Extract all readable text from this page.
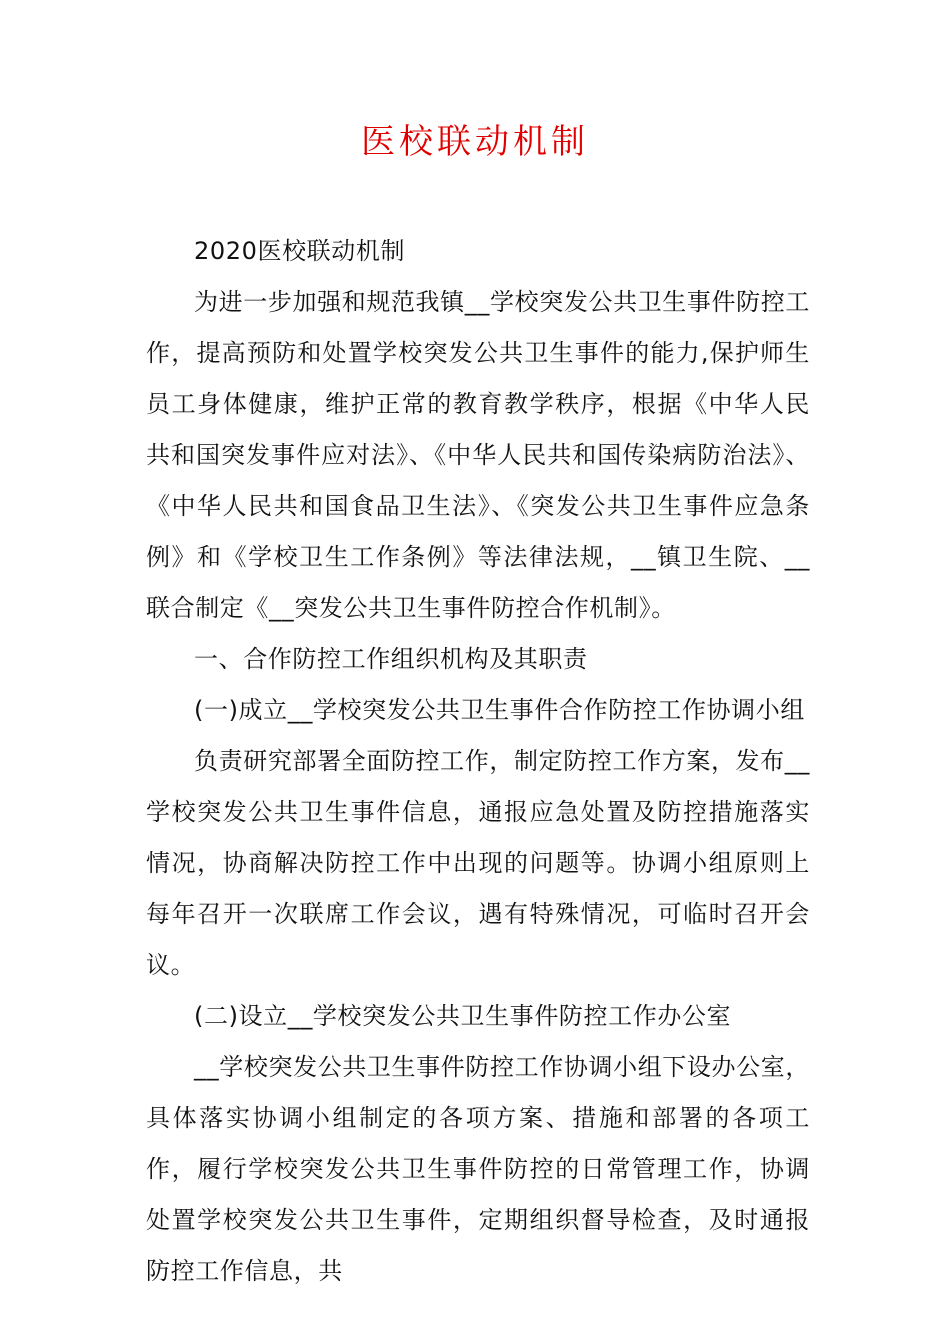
医校联动机制

2020医校联动机制

为进一步加强和规范我镇__学校突发公共卫生事件防控工作，提高预防和处置学校突发公共卫生事件的能力,保护师生员工身体健康，维护正常的教育教学秩序，根据《中华人民共和国突发事件应对法》、《中华人民共和国传染病防治法》、《中华人民共和国食品卫生法》、《突发公共卫生事件应急条例》和《学校卫生工作条例》等法律法规，__镇卫生院、__联合制定《__突发公共卫生事件防控合作机制》。

一、合作防控工作组织机构及其职责

(一)成立__学校突发公共卫生事件合作防控工作协调小组

负责研究部署全面防控工作，制定防控工作方案，发布__学校突发公共卫生事件信息，通报应急处置及防控措施落实情况，协商解决防控工作中出现的问题等。协调小组原则上每年召开一次联席工作会议，遇有特殊情况，可临时召开会议。

(二)设立__学校突发公共卫生事件防控工作办公室

__学校突发公共卫生事件防控工作协调小组下设办公室，具体落实协调小组制定的各项方案、措施和部署的各项工作，履行学校突发公共卫生事件防控的日常管理工作，协调处置学校突发公共卫生事件，定期组织督导检查，及时通报防控工作信息，共
